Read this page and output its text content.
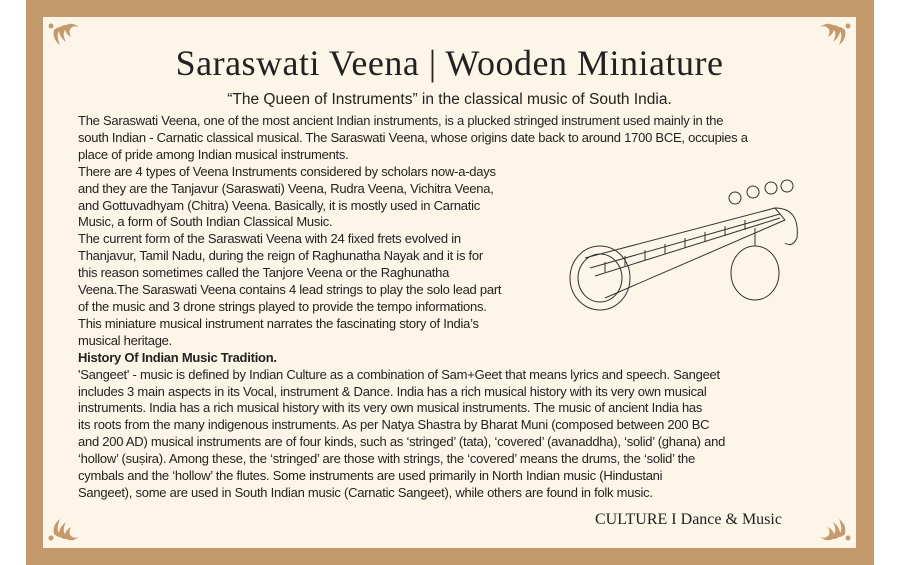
Saraswati Veena | Wooden Miniature
“The Queen of Instruments” in the classical music of South India.
The Saraswati Veena, one of the most ancient Indian instruments, is a plucked stringed instrument used mainly in the
south Indian - Carnatic classical musical. The Saraswati Veena, whose origins date back to around 1700 BCE, occupies a
place of pride among Indian musical instruments.
There are 4 types of Veena Instruments considered by scholars now-a-days
and they are the Tanjavur (Saraswati) Veena, Rudra Veena, Vichitra Veena,
and Gottuvadhyam (Chitra) Veena. Basically, it is mostly used in Carnatic
Music, a form of South Indian Classical Music.
The current form of the Saraswati Veena with 24 fixed frets evolved in
Thanjavur, Tamil Nadu, during the reign of Raghunatha Nayak and it is for
this reason sometimes called the Tanjore Veena or the Raghunatha
Veena.The Saraswati Veena contains 4 lead strings to play the solo lead part
of the music and 3 drone strings played to provide the tempo informations.
This miniature musical instrument narrates the fascinating story of India’s
musical heritage.
History Of Indian Music Tradition.
'Sangeet' - music is defined by Indian Culture as a combination of Sam+Geet that means lyrics and speech. Sangeet
includes 3 main aspects in its Vocal, instrument & Dance. India has a rich musical history with its very own musical
instruments. India has a rich musical history with its very own musical instruments. The music of ancient India has
its roots from the many indigenous instruments. As per Natya Shastra by Bharat Muni (composed between 200 BC
and 200 AD) musical instruments are of four kinds, such as ‘stringed’ (tata), ‘covered’ (avanaddha), ‘solid’ (ghana) and
‘hollow’ (suṣira). Among these, the ‘stringed’ are those with strings, the ‘covered’ means the drums, the ‘solid’ the
cymbals and the ‘hollow’ the flutes. Some instruments are used primarily in North Indian music (Hindustani
Sangeet), some are used in South Indian music (Carnatic Sangeet), while others are found in folk music.
CULTURE I Dance & Music
